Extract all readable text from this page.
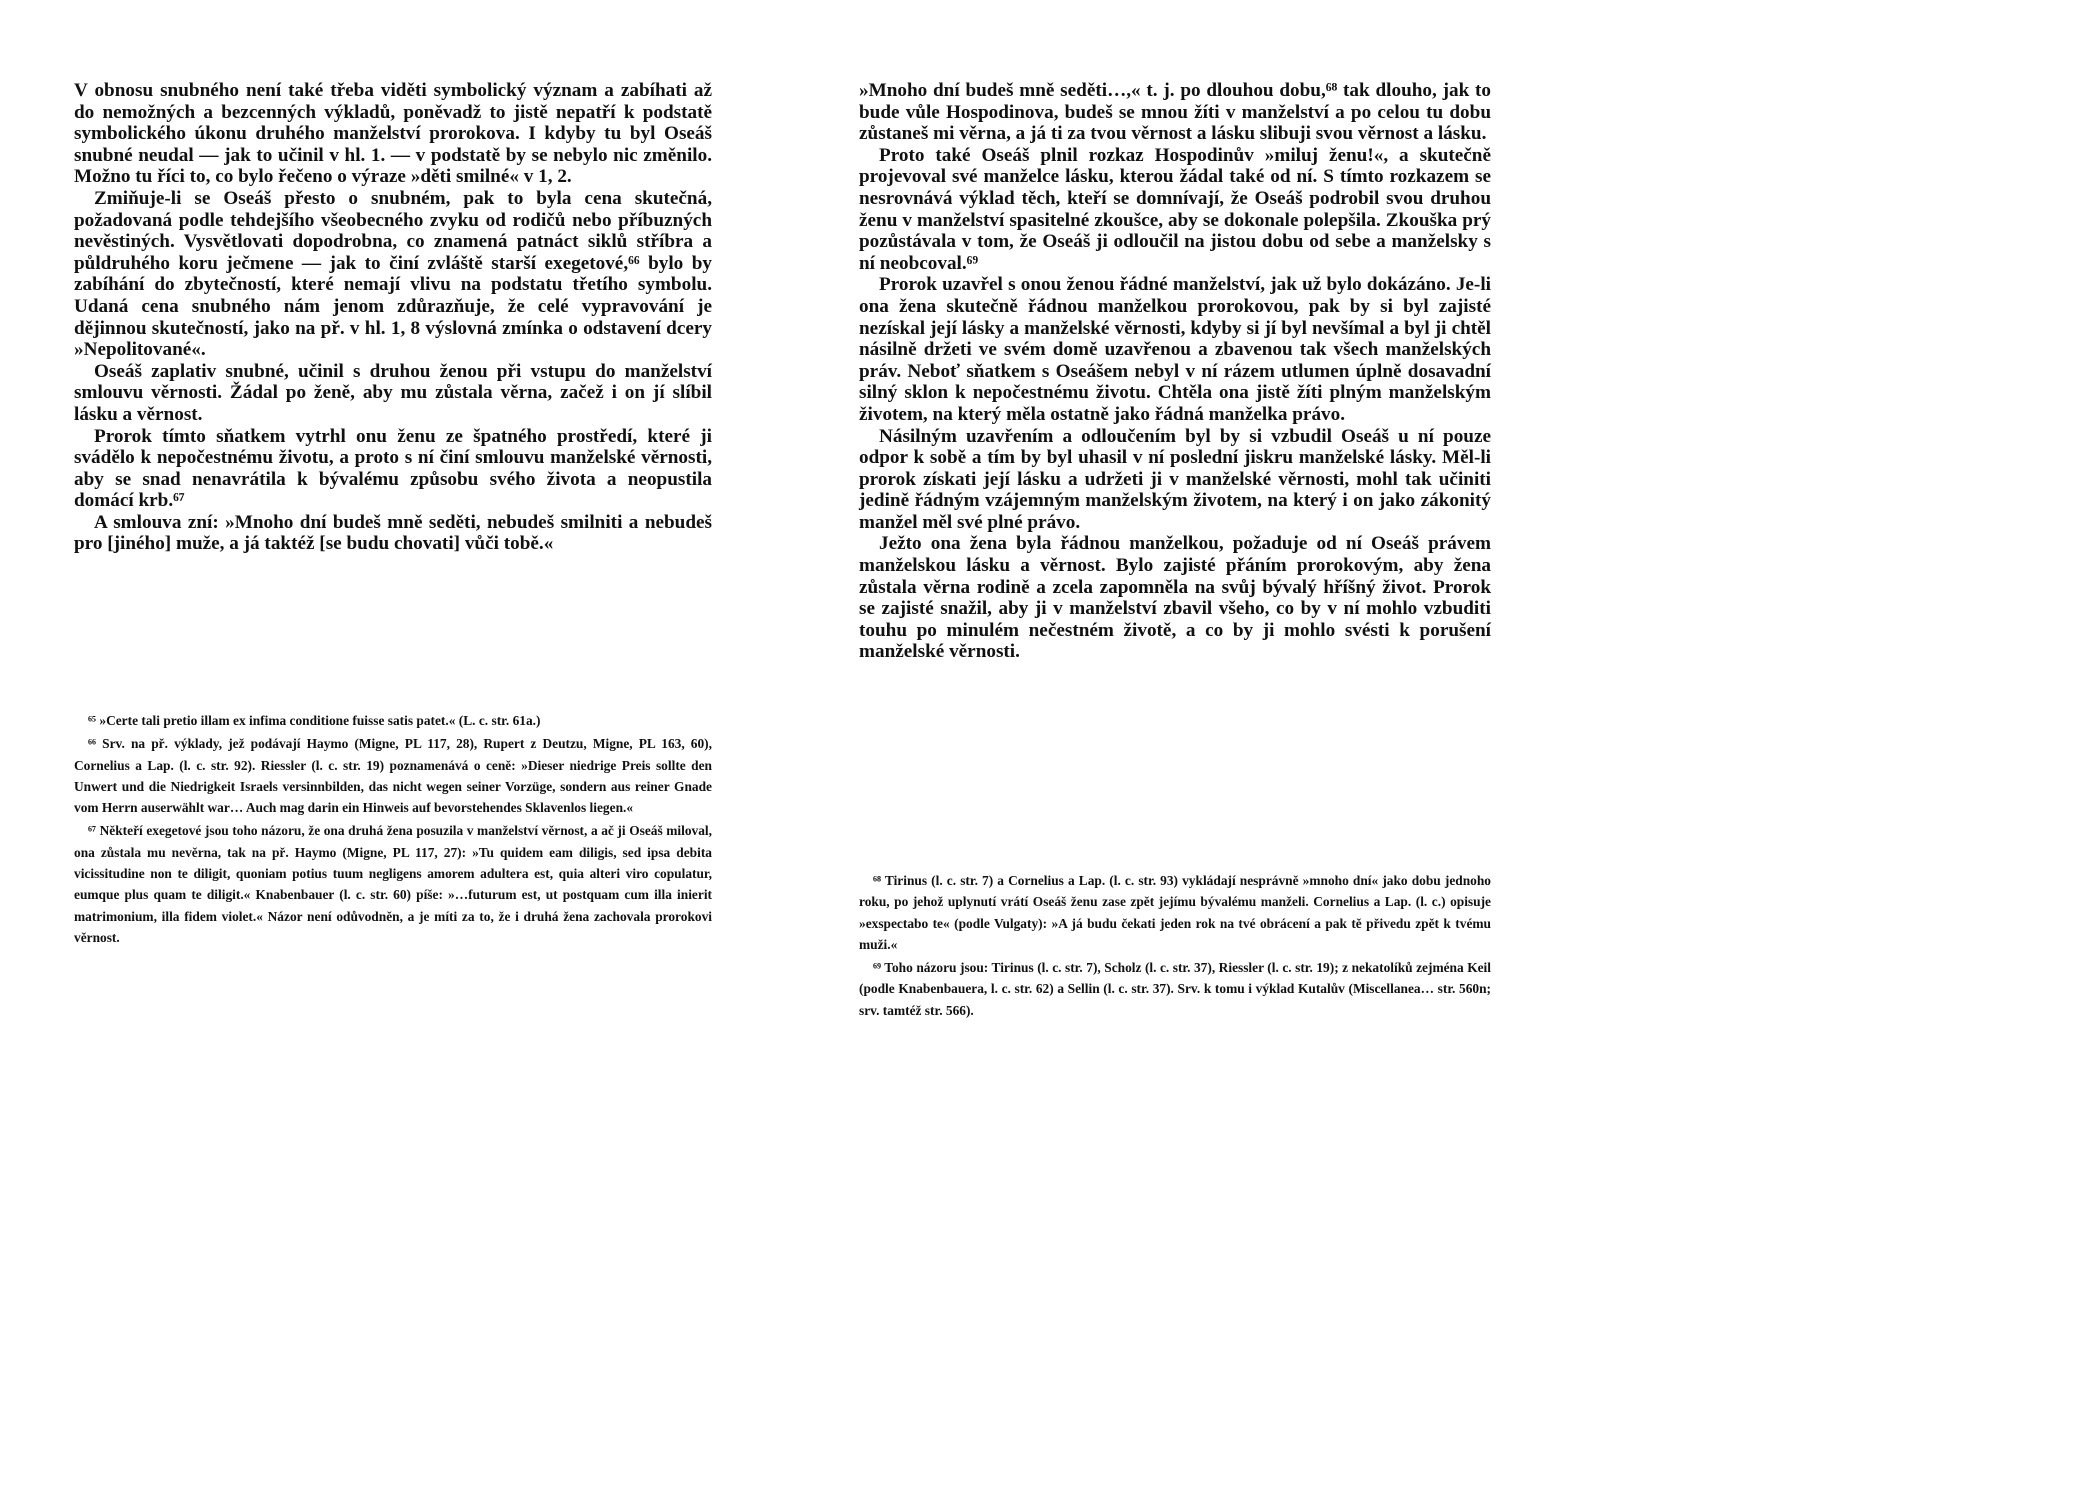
V obnosu snubného není také třeba viděti symbolický význam a zabíhati až do nemožných a bezcenných výkladů, poněvadž to jistě nepatří k podstatě symbolického úkonu druhého manželství prorokova. I kdyby tu byl Oseáš snubné neudal — jak to učinil v hl. 1. — v podstatě by se nebylo nic změnilo. Možno tu říci to, co bylo řečeno o výraze »děti smilné« v 1, 2.

Zmiňuje-li se Oseáš přesto o snubném, pak to byla cena skutečná, požadovaná podle tehdejšího všeobecného zvyku od rodičů nebo příbuzných nevěstiných. Vysvětlovati dopodrobna, co znamená patnáct siklů stříbra a půldruhého koru ječmene — jak to činí zvláště starší exegetové,⁶⁶ bylo by zabíhání do zbytečností, které nemají vlivu na podstatu třetího symbolu. Udaná cena snubného nám jenom zdůrazňuje, že celé vypravování je dějinnou skutečností, jako na př. v hl. 1, 8 výslovná zmínka o odstavení dcery »Nepolitované«.

Oseáš zaplativ snubné, učinil s druhou ženou při vstupu do manželství smlouvu věrnosti. Žádal po ženě, aby mu zůstala věrna, začež i on jí slíbil lásku a věrnost.

Prorok tímto sňatkem vytrhl onu ženu ze špatného prostředí, které ji svádělo k nepočestnému životu, a proto s ní činí smlouvu manželské věrnosti, aby se snad nenavrátila k bývalému způsobu svého života a neopustila domácí krb.⁶⁷

A smlouva zní: »Mnoho dní budeš mně seděti, nebudeš smilniti a nebudeš pro [jiného] muže, a já taktéž [se budu chovati] vůči tobě.«

⁶⁵ »Certe tali pretio illam ex infima conditione fuisse satis patet.« (L. c. str. 61a.)

⁶⁶ Srv. na př. výklady, jež podávají Haymo (Migne, PL 117, 28), Rupert z Deutzu, Migne, PL 163, 60), Cornelius a Lap. (l. c. str. 92). Riessler (l. c. str. 19) poznamenává o ceně: »Dieser niedrige Preis sollte den Unwert und die Niedrigkeit Israels versinnbilden, das nicht wegen seiner Vorzüge, sondern aus reiner Gnade vom Herrn auserwählt war… Auch mag darin ein Hinweis auf bevorstehendes Sklavenlos liegen.«

⁶⁷ Někteří exegetové jsou toho názoru, že ona druhá žena posuzila v manželství věrnost, a ač ji Oseáš miloval, ona zůstala mu nevěrna, tak na př. Haymo (Migne, PL 117, 27): »Tu quidem eam diligis, sed ipsa debita vicissitudine non te diligit, quoniam potius tuum negligens amorem adultera est, quia alteri viro copulatur, eumque plus quam te diligit.« Knabenbauer (l. c. str. 60) píše: »…futurum est, ut postquam cum illa inierit matrimonium, illa fidem violet.« Názor není odůvodněn, a je míti za to, že i druhá žena zachovala prorokovi věrnost.

»Mnoho dní budeš mně seděti…,« t. j. po dlouhou dobu,⁶⁸ tak dlouho, jak to bude vůle Hospodinova, budeš se mnou žíti v manželství a po celou tu dobu zůstaneš mi věrna, a já ti za tvou věrnost a lásku slibuji svou věrnost a lásku.

Proto také Oseáš plnil rozkaz Hospodinův »miluj ženu!«, a skutečně projevoval své manželce lásku, kterou žádal také od ní. S tímto rozkazem se nesrovnává výklad těch, kteří se domnívají, že Oseáš podrobil svou druhou ženu v manželství spasitelné zkoušce, aby se dokonale polepšila. Zkouška prý pozůstávala v tom, že Oseáš ji odloučil na jistou dobu od sebe a manželsky s ní neobcoval.⁶⁹

Prorok uzavřel s onou ženou řádné manželství, jak už bylo dokázáno. Je-li ona žena skutečně řádnou manželkou prorokovou, pak by si byl zajisté nezískal její lásky a manželské věrnosti, kdyby si jí byl nevšímal a byl ji chtěl násilně držeti ve svém domě uzavřenou a zbavenou tak všech manželských práv. Neboť sňatkem s Oseášem nebyl v ní rázem utlumen úplně dosavadní silný sklon k nepočestnému životu. Chtěla ona jistě žíti plným manželským životem, na který měla ostatně jako řádná manželka právo.

Násilným uzavřením a odloučením byl by si vzbudil Oseáš u ní pouze odpor k sobě a tím by byl uhasil v ní poslední jiskru manželské lásky. Měl-li prorok získati její lásku a udržeti ji v manželské věrnosti, mohl tak učiniti jedině řádným vzájemným manželským životem, na který i on jako zákonitý manžel měl své plné právo.

Ježto ona žena byla řádnou manželkou, požaduje od ní Oseáš právem manželskou lásku a věrnost. Bylo zajisté přáním prorokovým, aby žena zůstala věrna rodině a zcela zapomněla na svůj bývalý hříšný život. Prorok se zajisté snažil, aby ji v manželství zbavil všeho, co by v ní mohlo vzbuditi touhu po minulém nečestném životě, a co by ji mohlo svésti k porušení manželské věrnosti.

⁶⁸ Tirinus (l. c. str. 7) a Cornelius a Lap. (l. c. str. 93) vykládají nesprávně »mnoho dní« jako dobu jednoho roku, po jehož uplynutí vrátí Oseáš ženu zase zpět jejímu bývalému manželi. Cornelius a Lap. (l. c.) opisuje »exspectabo te« (podle Vulgaty): »A já budu čekati jeden rok na tvé obrácení a pak tě přivedu zpět k tvému muži.«

⁶⁹ Toho názoru jsou: Tirinus (l. c. str. 7), Scholz (l. c. str. 37), Riessler (l. c. str. 19); z nekatolíků zejména Keil (podle Knabenbauera, l. c. str. 62) a Sellin (l. c. str. 37). Srv. k tomu i výklad Kutalův (Miscellanea… str. 560n; srv. tamtéž str. 566).
